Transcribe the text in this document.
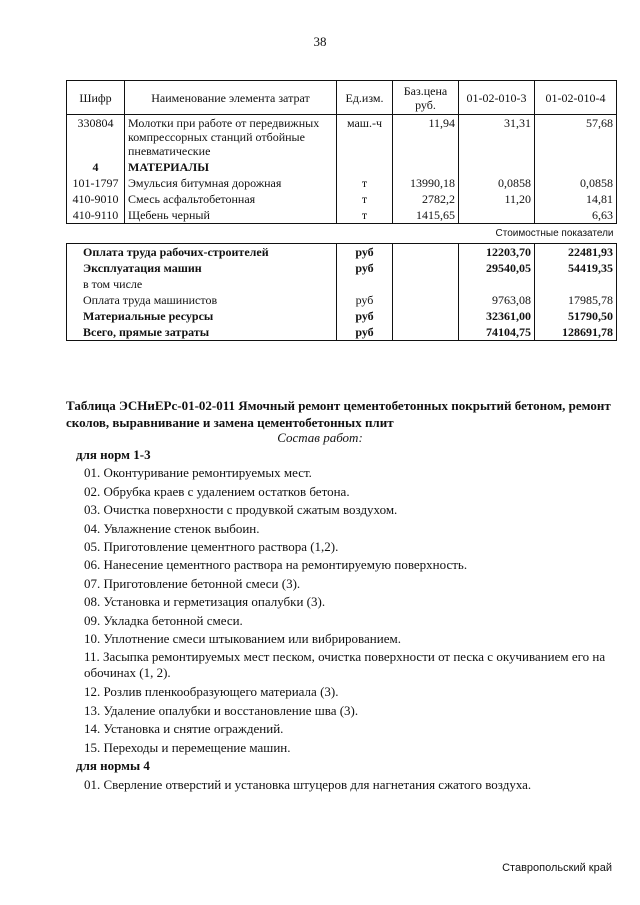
38
Шифр	Наименование элемента затрат	Ед.изм.	Баз.цена руб.	01-02-010-3	01-02-010-4
330804	Молотки при работе от передвижных компрессорных станций отбойные пневматические	маш.-ч	11,94	31,31	57,68
4	МАТЕРИАЛЫ				
101-1797	Эмульсия битумная дорожная	т	13990,18	0,0858	0,0858
410-9010	Смесь асфальтобетонная	т	2782,2	11,20	14,81
410-9110	Щебень черный	т	1415,65		6,63
Стоимостные показатели					
Оплата труда рабочих-строителей		руб		12203,70	22481,93
Эксплуатация машин		руб		29540,05	54419,35
в том числе					
Оплата труда машинистов		руб		9763,08	17985,78
Материальные ресурсы		руб		32361,00	51790,50
Всего, прямые затраты		руб		74104,75	128691,78
Таблица ЭСНиЕРс-01-02-011 Ямочный ремонт цементобетонных покрытий бетоном, ремонт сколов, выравнивание и замена цементобетонных плит
Состав работ:
для норм 1-3
01. Оконтуривание ремонтируемых мест.
02. Обрубка краев с удалением остатков бетона.
03. Очистка поверхности с продувкой сжатым воздухом.
04. Увлажнение стенок выбоин.
05. Приготовление цементного раствора (1,2).
06. Нанесение цементного раствора на ремонтируемую поверхность.
07. Приготовление бетонной смеси (3).
08. Установка и герметизация опалубки (3).
09. Укладка бетонной смеси.
10. Уплотнение смеси штыкованием или вибрированием.
11. Засыпка ремонтируемых мест песком, очистка поверхности от песка с окучиванием его на обочинах (1, 2).
12. Розлив пленкообразующего материала (3).
13. Удаление опалубки и восстановление шва (3).
14. Установка и снятие ограждений.
15. Переходы и перемещение машин.
для нормы 4
01. Сверление отверстий и установка штуцеров для нагнетания сжатого воздуха.
Ставропольский край
